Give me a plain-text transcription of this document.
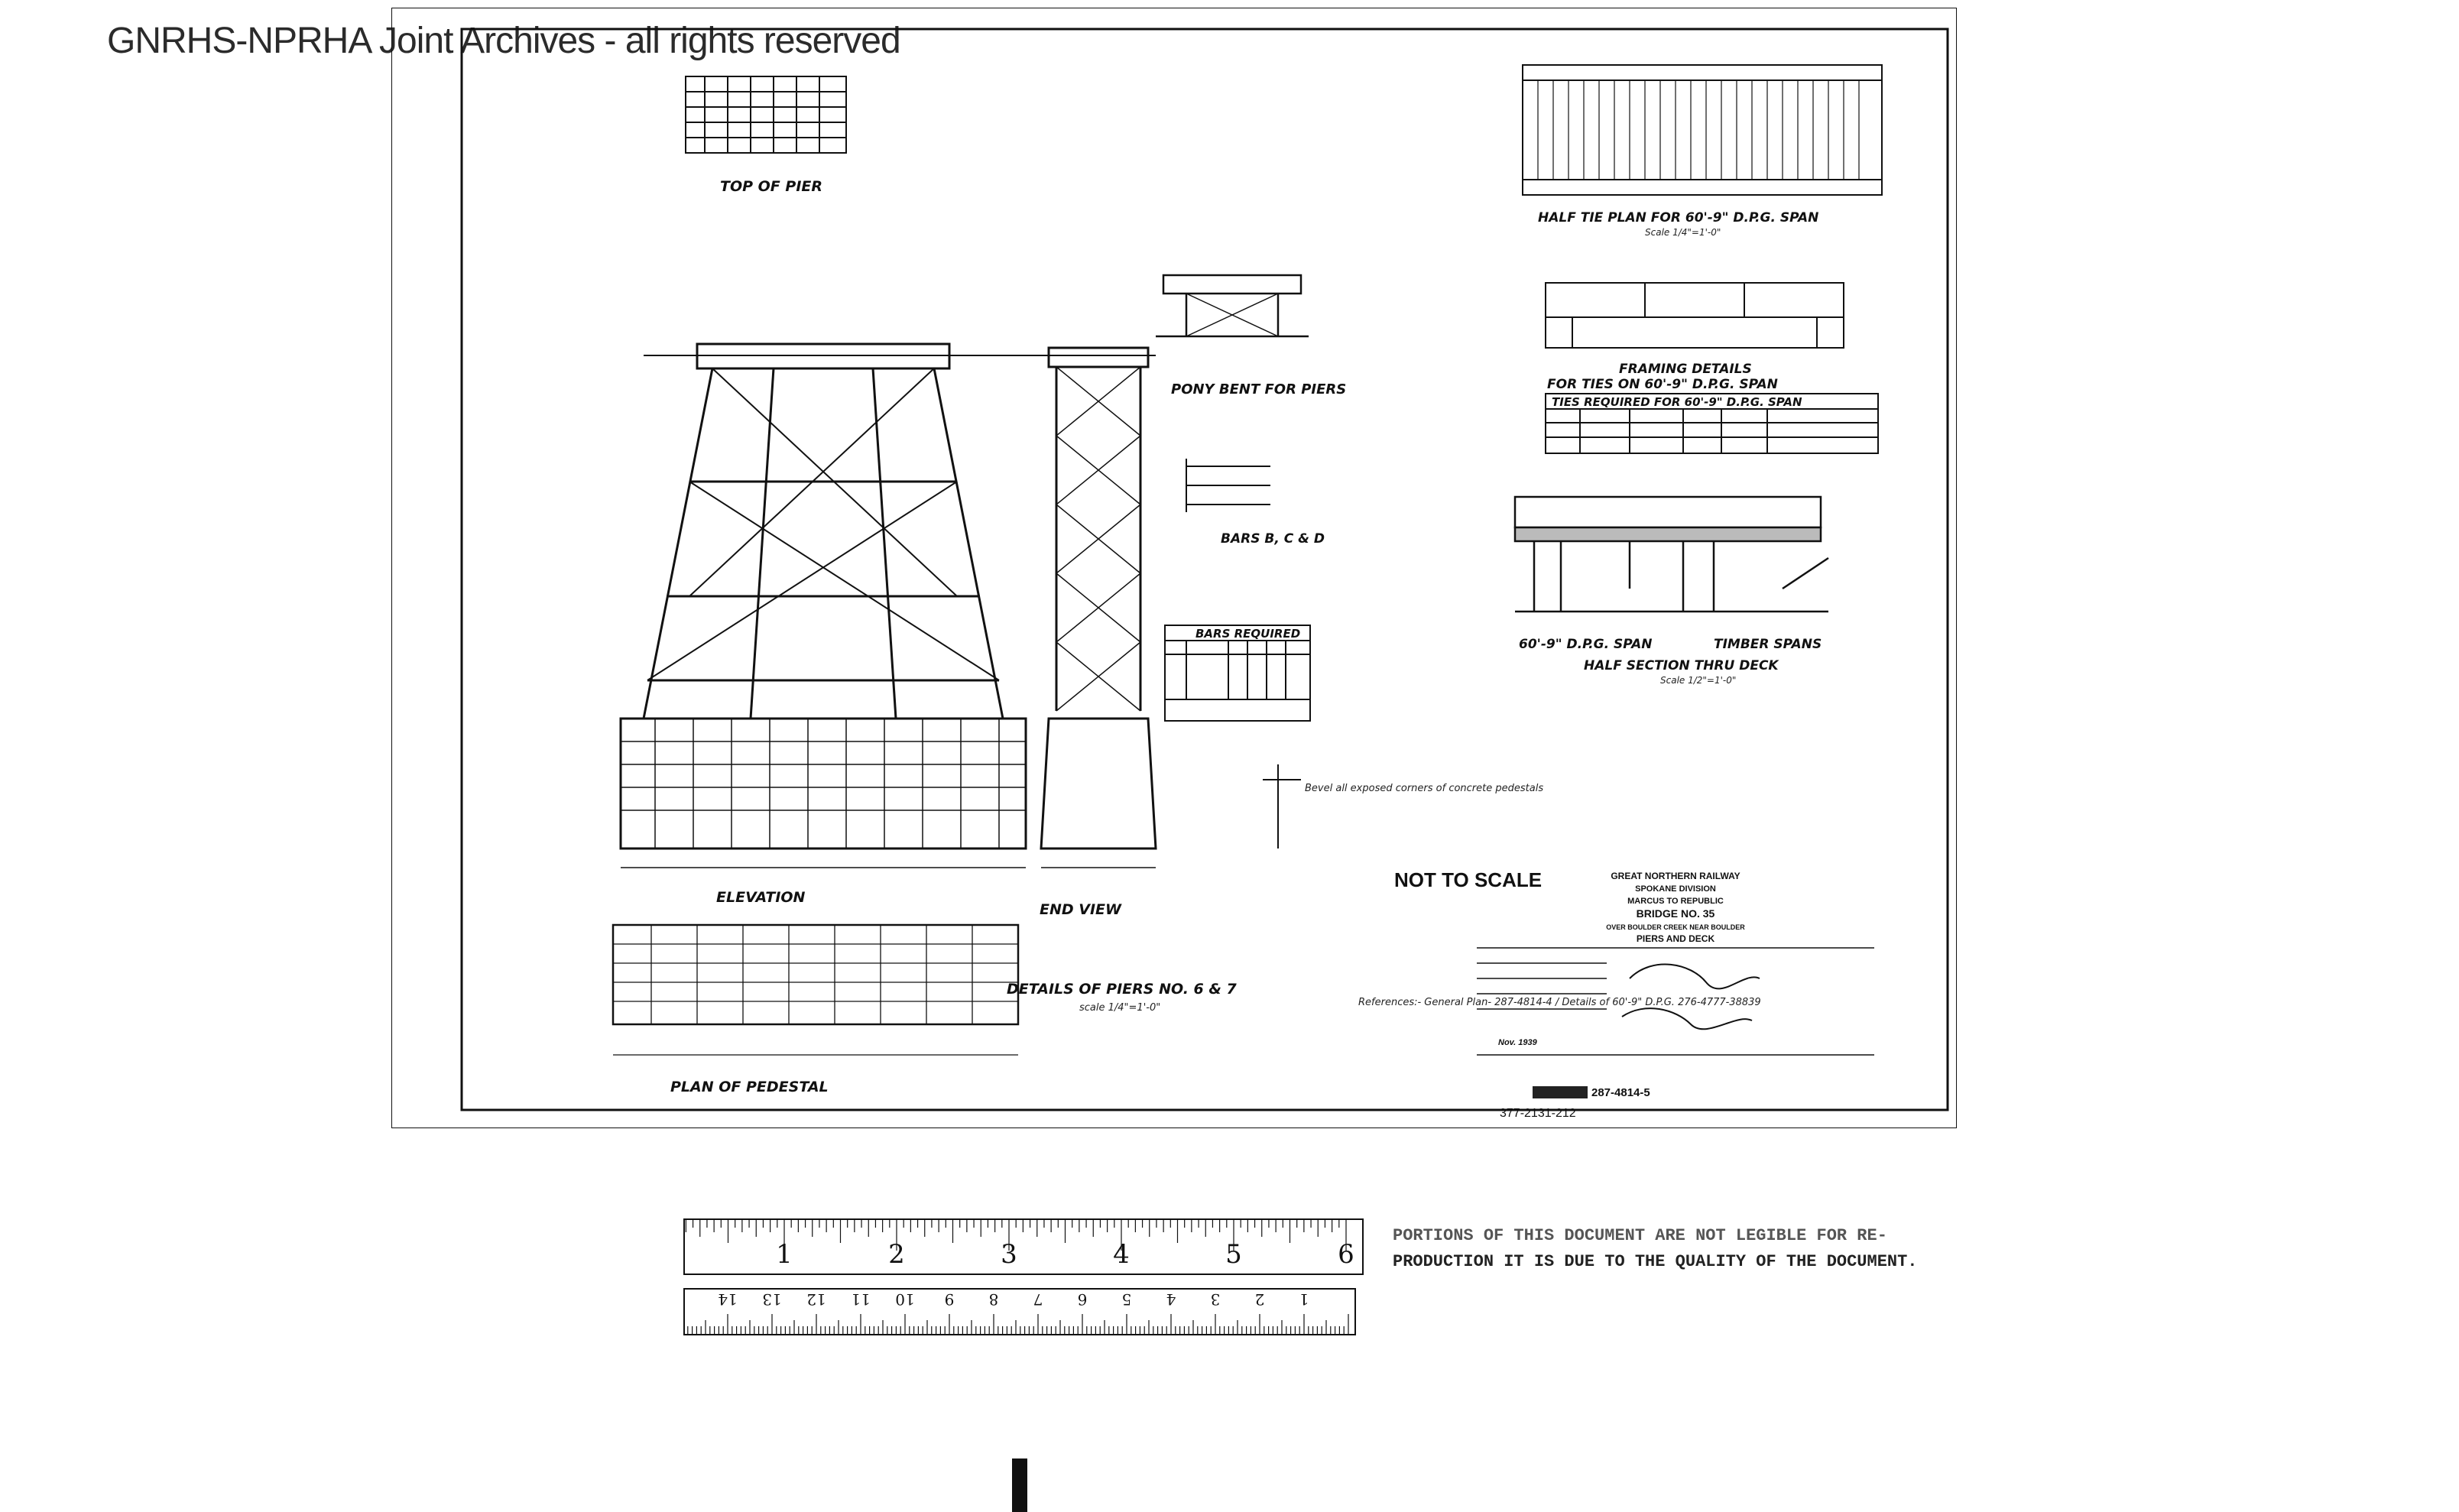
GNRHS-NPRHA Joint Archives - all rights reserved
TOP OF PIER
ELEVATION
END VIEW
PONY BENT FOR PIERS
BARS B, C & D
BARS REQUIRED
Bevel all exposed corners of concrete pedestals
PLAN OF PEDESTAL
DETAILS OF PIERS NO. 6 & 7
scale 1/4"=1'-0"	References:- General Plan- 287-4814-4 / Details of 60'-9" D.P.G. 276-4777-38839
HALF TIE PLAN FOR 60'-9" D.P.G. SPAN
Scale 1/4"=1'-0"
FRAMING DETAILS
FOR TIES ON 60'-9" D.P.G. SPAN
TIES REQUIRED FOR 60'-9" D.P.G. SPAN
60'-9" D.P.G. SPAN	TIMBER SPANS
HALF SECTION THRU DECK
Scale 1/2"=1'-0"
NOT TO SCALE	GREAT NORTHERN RAILWAY
SPOKANE DIVISION
MARCUS TO REPUBLIC
BRIDGE NO. 35
OVER BOULDER CREEK NEAR BOULDER
PIERS AND DECK
Nov. 1939
287-4814-5
377-2131-212
1	2	3	4	5	6
1
2
3
4
5
6
7
8
9
10
11
12
13
14
PORTIONS OF THIS DOCUMENT ARE NOT LEGIBLE FOR RE-
PRODUCTION IT IS DUE TO THE QUALITY OF THE DOCUMENT.
